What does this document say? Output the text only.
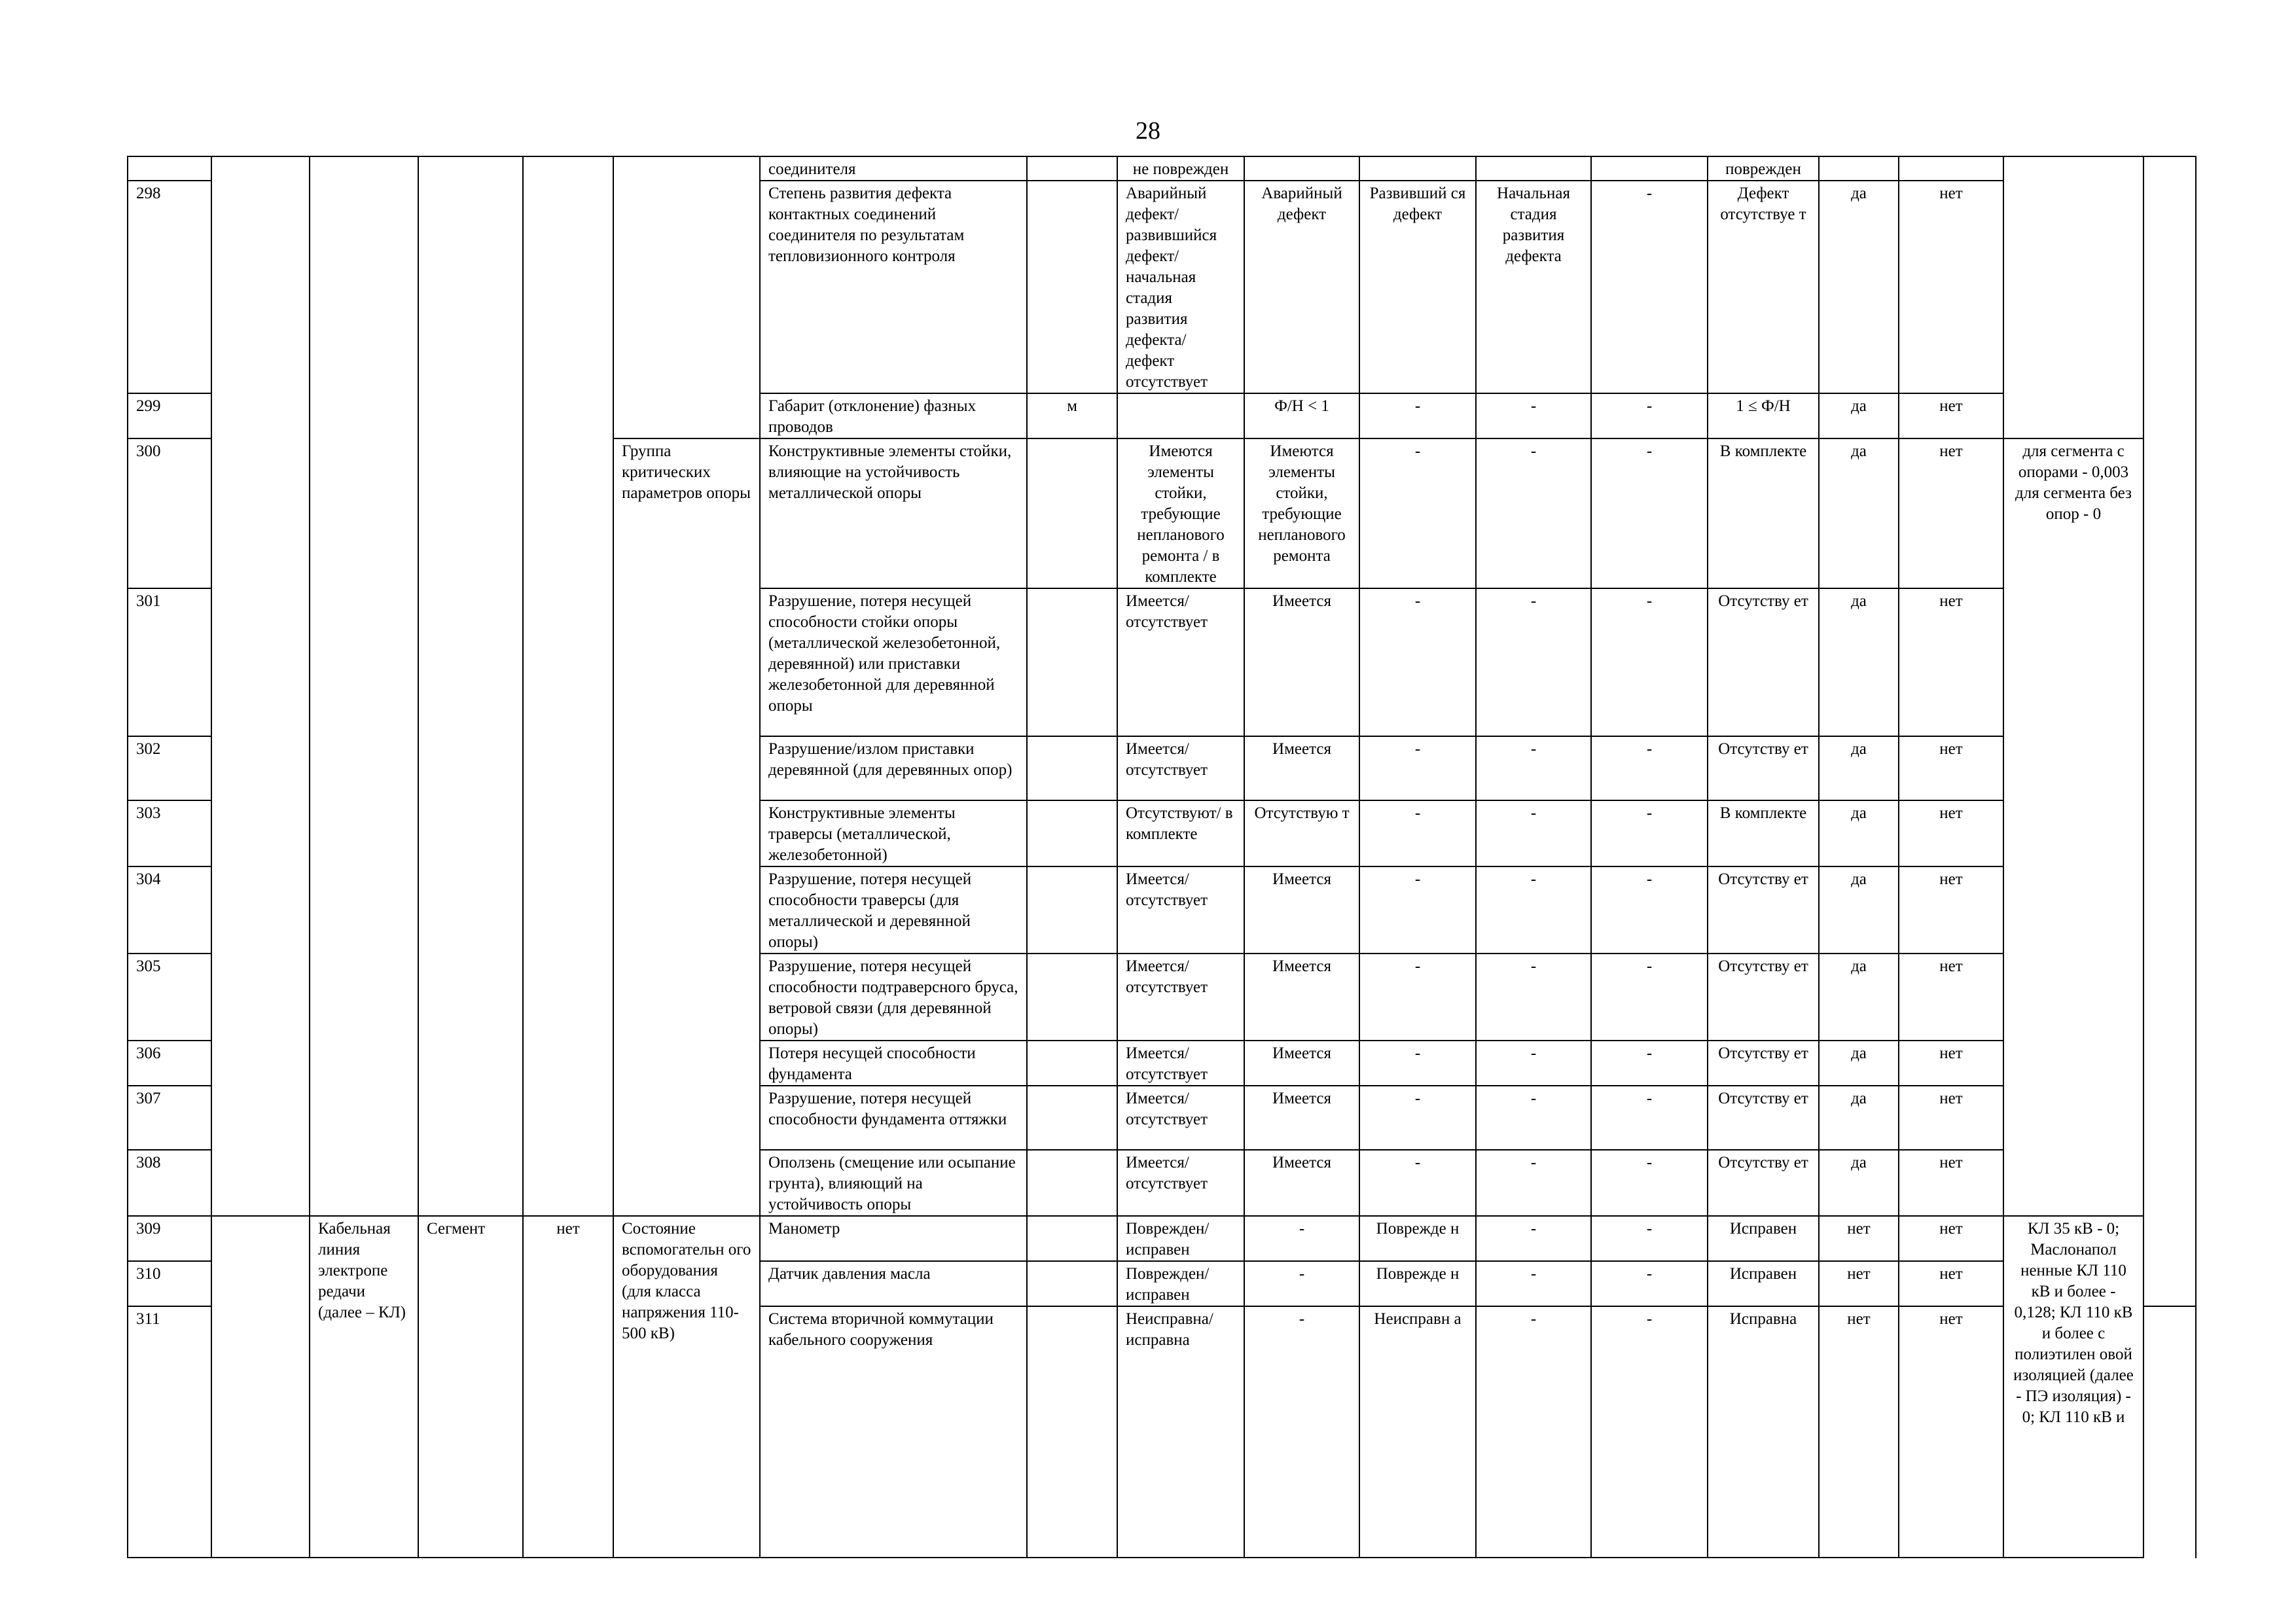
28
						соединителя		не поврежден					поврежден					
298						Степень развития дефекта контактных соединений соединителя по результатам тепловизионного контроля		Аварийный дефект/ развившийся дефект/ начальная стадия развития дефекта/ дефект отсутствует	Аварийный дефект	Развивший ся дефект	Начальная стадия развития дефекта	-	Дефект отсутствуе т	да	нет			
299						Габарит (отклонение) фазных проводов	м		Ф/Н < 1	-	-	-	1 ≤ Ф/Н	да	нет			
300					Группа критических параметров опоры	Конструктивные элементы стойки, влияющие на устойчивость металлической опоры		Имеются элементы стойки, требующие непланового ремонта / в комплекте	Имеются элементы стойки, требующие непланового ремонта	-	-	-	В комплекте	да	нет	для сегмента с опорами - 0,003 для сегмента без опор - 0		
301						Разрушение, потеря несущей способности стойки опоры (металлической железобетонной, деревянной) или приставки железобетонной для деревянной опоры		Имеется/ отсутствует	Имеется	-	-	-	Отсутству ет	да	нет			
302						Разрушение/излом приставки деревянной (для деревянных опор)		Имеется/ отсутствует	Имеется	-	-	-	Отсутству ет	да	нет			
303						Конструктивные элементы траверсы (металлической, железобетонной)		Отсутствуют/ в комплекте	Отсутствую т	-	-	-	В комплекте	да	нет			
304						Разрушение, потеря несущей способности траверсы (для металлической и деревянной опоры)		Имеется/ отсутствует	Имеется	-	-	-	Отсутству ет	да	нет			
305						Разрушение, потеря несущей способности подтраверсного бруса, ветровой связи (для деревянной опоры)		Имеется/ отсутствует	Имеется	-	-	-	Отсутству ет	да	нет			
306						Потеря несущей способности фундамента		Имеется/ отсутствует	Имеется	-	-	-	Отсутству ет	да	нет			
307						Разрушение, потеря несущей способности фундамента оттяжки		Имеется/ отсутствует	Имеется	-	-	-	Отсутству ет	да	нет			
308						Оползень (смещение или осыпание грунта), влияющий на устойчивость опоры		Имеется/ отсутствует	Имеется	-	-	-	Отсутству ет	да	нет			
309		Кабельная линия электропе редачи (далее – КЛ)	Сегмент	нет	Состояние вспомогательн ого оборудования (для класса напряжения 110-500 кВ)	Манометр		Поврежден/ исправен	-	Поврежде н	-	-	Исправен	нет	нет	КЛ 35 кВ - 0; Маслонапол ненные КЛ 110 кВ и более - 0,128; КЛ 110 кВ и более с полиэтилен овой изоляцией (далее - ПЭ изоляция) - 0; КЛ 110 кВ и	
310						Датчик давления масла		Поврежден/ исправен	-	Поврежде н	-	-	Исправен	нет	нет			
311						Система вторичной коммутации кабельного сооружения		Неисправна/ исправна	-	Неисправн а	-	-	Исправна	нет	нет			
